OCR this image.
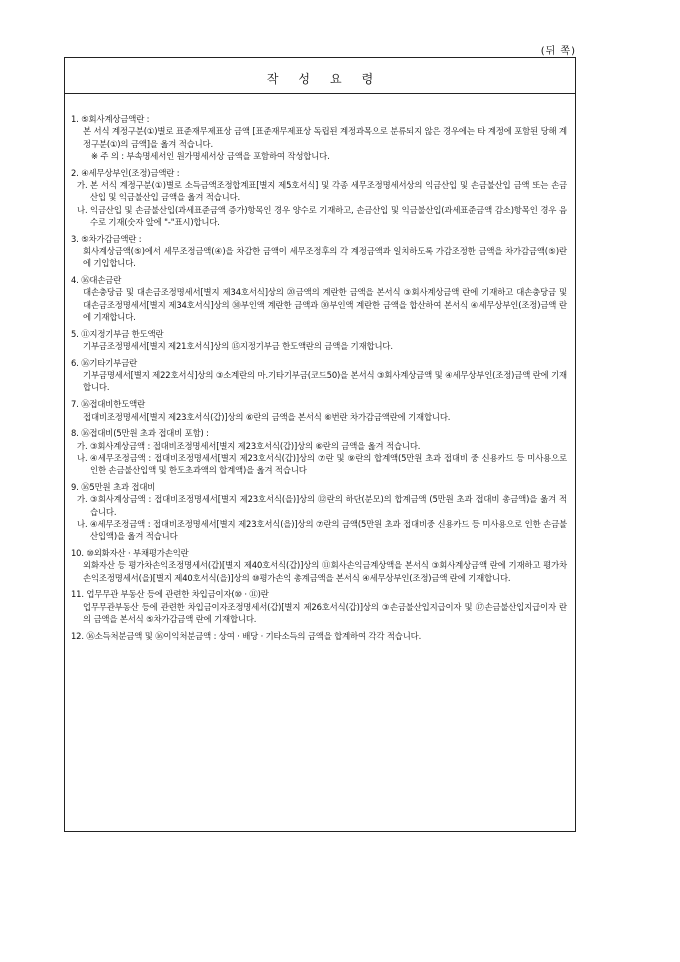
(뒤 쪽)
작성요령
1. ⑤회사계상금액란 :
본 서식 계정구분(①)별로 표준재무제표상 금액 [표준재무제표상 독립된 계정과목으로 분류되지 않은 경우에는 타 계정에 포함된 당해 계정구분(①)의 금액]을 옮겨 적습니다.
※ 주 의 : 부속명세서인 원가명세서상 금액을 포함하여 작성합니다.
2. ④세무상부인(조정)금액란 :
가. 본 서식 계정구분(①)별로 소득금액조정합계표[별지 제5호서식] 및 각종 세무조정명세서상의 익금산입 및 손금불산입 금액 또는 손금산입 및 익금불산입 금액을 옮겨 적습니다.
나. 익금산입 및 손금불산입(과세표준금액 증가)항목인 경우 양수로 기재하고, 손금산입 및 익금불산입(과세표준금액 감소)항목인 경우 음수로 기재(숫자 앞에 "-"표시)합니다.
3. ⑤차가감금액란 :
회사계상금액(⑤)에서 세무조정금액(④)을 차감한 금액이 세무조정후의 각 계정금액과 일치하도록 가감조정한 금액을 차가감금액(⑤)란에 기입합니다.
4. ⑯대손금란
대손충당금 및 대손금조정명세서[별지 제34호서식]상의 ⑳금액의 계란한 금액을 본서식 ③회사계상금액 란에 기재하고 대손충당금 및 대손금조정명세서[별지 제34호서식]상의 ㉚부인액 계란한 금액과 ㉚부인액 계란한 금액을 합산하여 본서식 ④세무상부인(조정)금액 란에 기재합니다.
5. ⑪지정기부금 한도액란
기부금조정명세서[별지 제21호서식]상의 ⑮지정기부금 한도액란의 금액을 기재합니다.
6. ⑯기타기부금란
기부금명세서[별지 제22호서식]상의 ③소계란의 마.기타기부금(코드50)을 본서식 ③회사계상금액 및 ④세무상부인(조정)금액 란에 기재합니다.
7. ⑯접대비한도액란
접대비조정명세서[별지 제23호서식(갑)]상의 ⑥란의 금액을 본서식 ⑥번란 차가감금액란에 기재합니다.
8. ⑯접대비(5만원 초과 접대비 포함) :
가. ③회사계상금액 : 접대비조정명세서[별지 제23호서식(갑)]상의 ⑥란의 금액을 옮겨 적습니다.
나. ④세무조정금액 : 접대비조정명세서[별지 제23호서식(갑)]상의 ⑦란 및 ⑨란의 합계액(5만원 초과 접대비 중 신용카드 등 미사용으로 인한 손금불산입액 및 한도초과액의 합계액)을 옮겨 적습니다
9. ⑯5만원 초과 접대비
가. ③회사계상금액 : 접대비조정명세서[별지 제23호서식(을)]상의 ⑫란의 하단(분모)의 합계금액 (5만원 초과 접대비 총금액)을 옮겨 적습니다.
나. ④세무조정금액 : 접대비조정명세서[별지 제23호서식(을)]상의 ⑦란의 금액(5만원 초과 접대비중 신용카드 등 미사용으로 인한 손금불산입액)을 옮겨 적습니다
10. ⑩외화자산 · 부채평가손익란
외화자산 등 평가차손익조정명세서(갑)[별지 제40호서식(갑)]상의 ⑪회사손익금계상액을 본서식 ③회사계상금액 란에 기재하고 평가차손익조정명세서(을)[별지 제40호서식(을)]상의 ⑩평가손익 총계금액을 본서식 ④세무상부인(조정)금액 란에 기재합니다.
11. 업무무관 부동산 등에 관련한 차입금이자(⑩ · ⑪)란
업무무관부동산 등에 관련한 차입금이자조정명세서(갑)[별지 제26호서식(갑)]상의 ③손금불산입지급이자 및 ⑰손금불산입지급이자 란의 금액을 본서식 ⑤차가감금액 란에 기재합니다.
12. ⑯소득처분금액 및 ⑯이익처분금액 : 상여 · 배당 · 기타소득의 금액을 합계하여 각각 적습니다.
